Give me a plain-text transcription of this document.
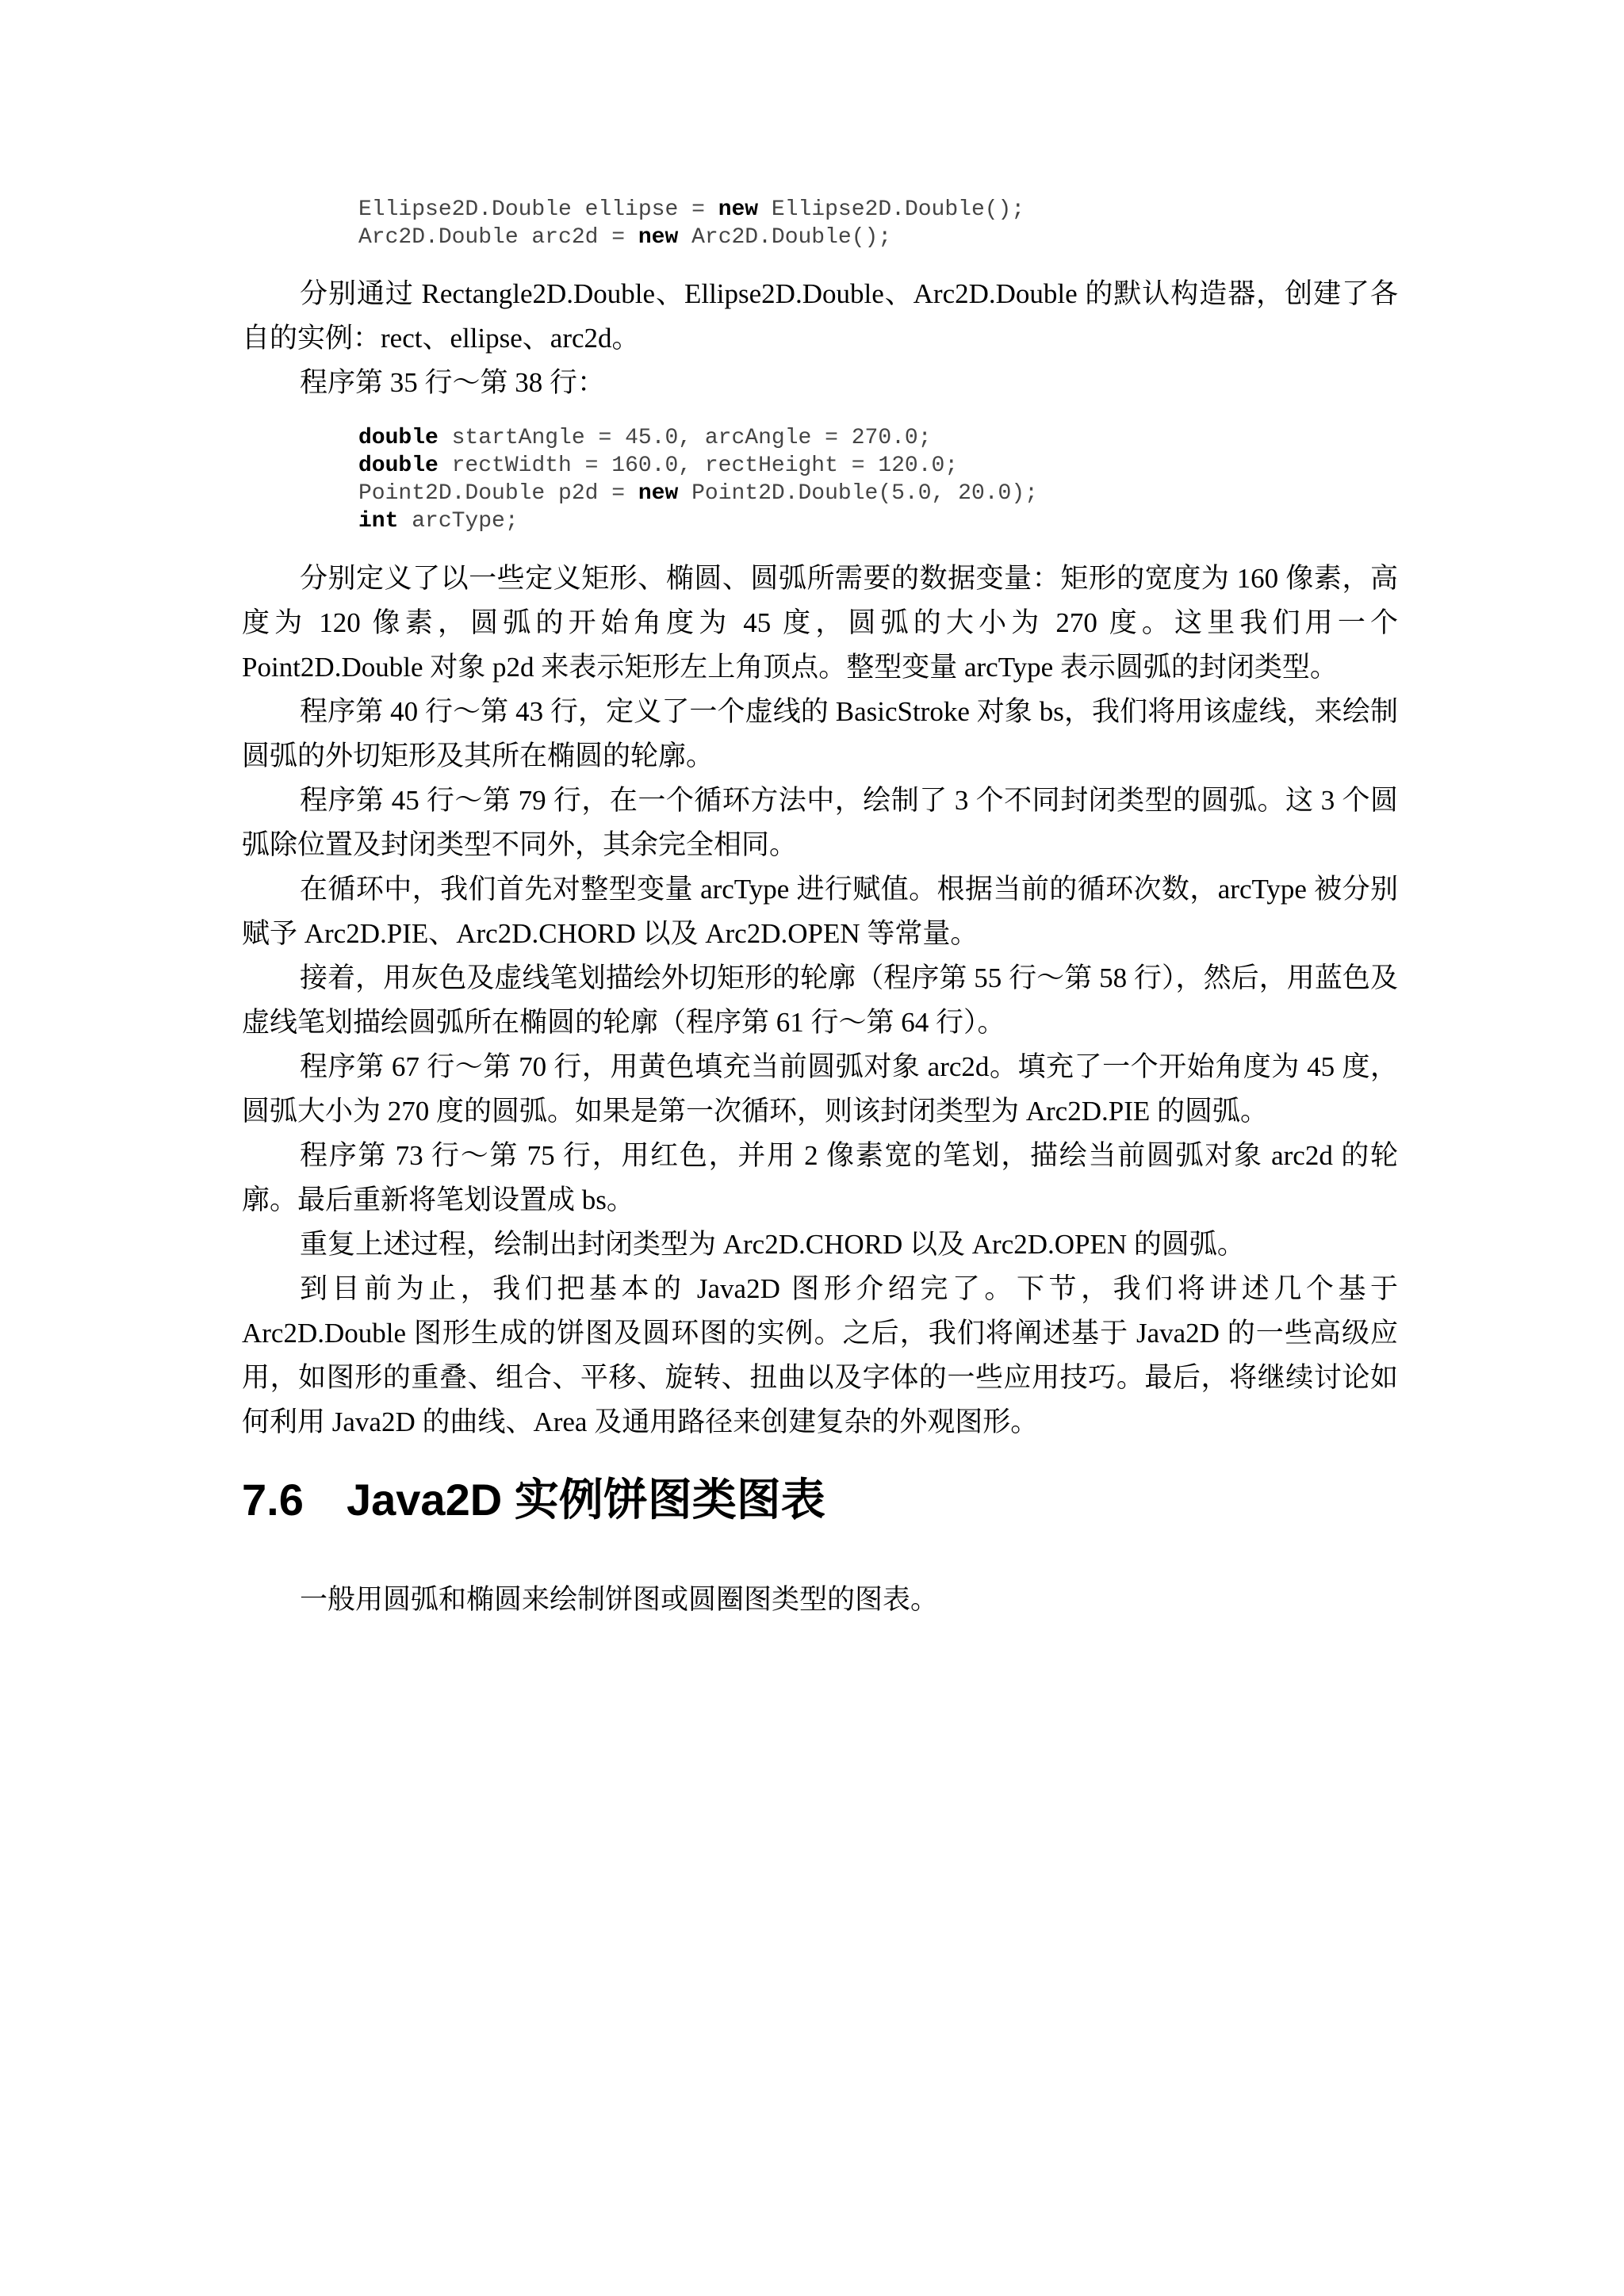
Ellipse2D.Double ellipse = new Ellipse2D.Double();
Arc2D.Double arc2d = new Arc2D.Double();

分别通过 Rectangle2D.Double、Ellipse2D.Double、Arc2D.Double 的默认构造器，创建了各自的实例：rect、ellipse、arc2d。

程序第 35 行～第 38 行：

double startAngle = 45.0, arcAngle = 270.0;
double rectWidth = 160.0, rectHeight = 120.0;
Point2D.Double p2d = new Point2D.Double(5.0, 20.0);
int arcType;

分别定义了以一些定义矩形、椭圆、圆弧所需要的数据变量：矩形的宽度为 160 像素，高度为 120 像素，圆弧的开始角度为 45 度，圆弧的大小为 270 度。这里我们用一个 Point2D.Double 对象 p2d 来表示矩形左上角顶点。整型变量 arcType 表示圆弧的封闭类型。

程序第 40 行～第 43 行，定义了一个虚线的 BasicStroke 对象 bs，我们将用该虚线，来绘制圆弧的外切矩形及其所在椭圆的轮廓。

程序第 45 行～第 79 行，在一个循环方法中，绘制了 3 个不同封闭类型的圆弧。这 3 个圆弧除位置及封闭类型不同外，其余完全相同。

在循环中，我们首先对整型变量 arcType 进行赋值。根据当前的循环次数，arcType 被分别赋予 Arc2D.PIE、Arc2D.CHORD 以及 Arc2D.OPEN 等常量。

接着，用灰色及虚线笔划描绘外切矩形的轮廓（程序第 55 行～第 58 行），然后，用蓝色及虚线笔划描绘圆弧所在椭圆的轮廓（程序第 61 行～第 64 行）。

程序第 67 行～第 70 行，用黄色填充当前圆弧对象 arc2d。填充了一个开始角度为 45 度，圆弧大小为 270 度的圆弧。如果是第一次循环，则该封闭类型为 Arc2D.PIE 的圆弧。

程序第 73 行～第 75 行，用红色，并用 2 像素宽的笔划，描绘当前圆弧对象 arc2d 的轮廓。最后重新将笔划设置成 bs。

重复上述过程，绘制出封闭类型为 Arc2D.CHORD 以及 Arc2D.OPEN 的圆弧。

到目前为止，我们把基本的 Java2D 图形介绍完了。下节，我们将讲述几个基于 Arc2D.Double 图形生成的饼图及圆环图的实例。之后，我们将阐述基于 Java2D 的一些高级应用，如图形的重叠、组合、平移、旋转、扭曲以及字体的一些应用技巧。最后，将继续讨论如何利用 Java2D 的曲线、Area 及通用路径来创建复杂的外观图形。

7.6 Java2D 实例饼图类图表

一般用圆弧和椭圆来绘制饼图或圆圈图类型的图表。
